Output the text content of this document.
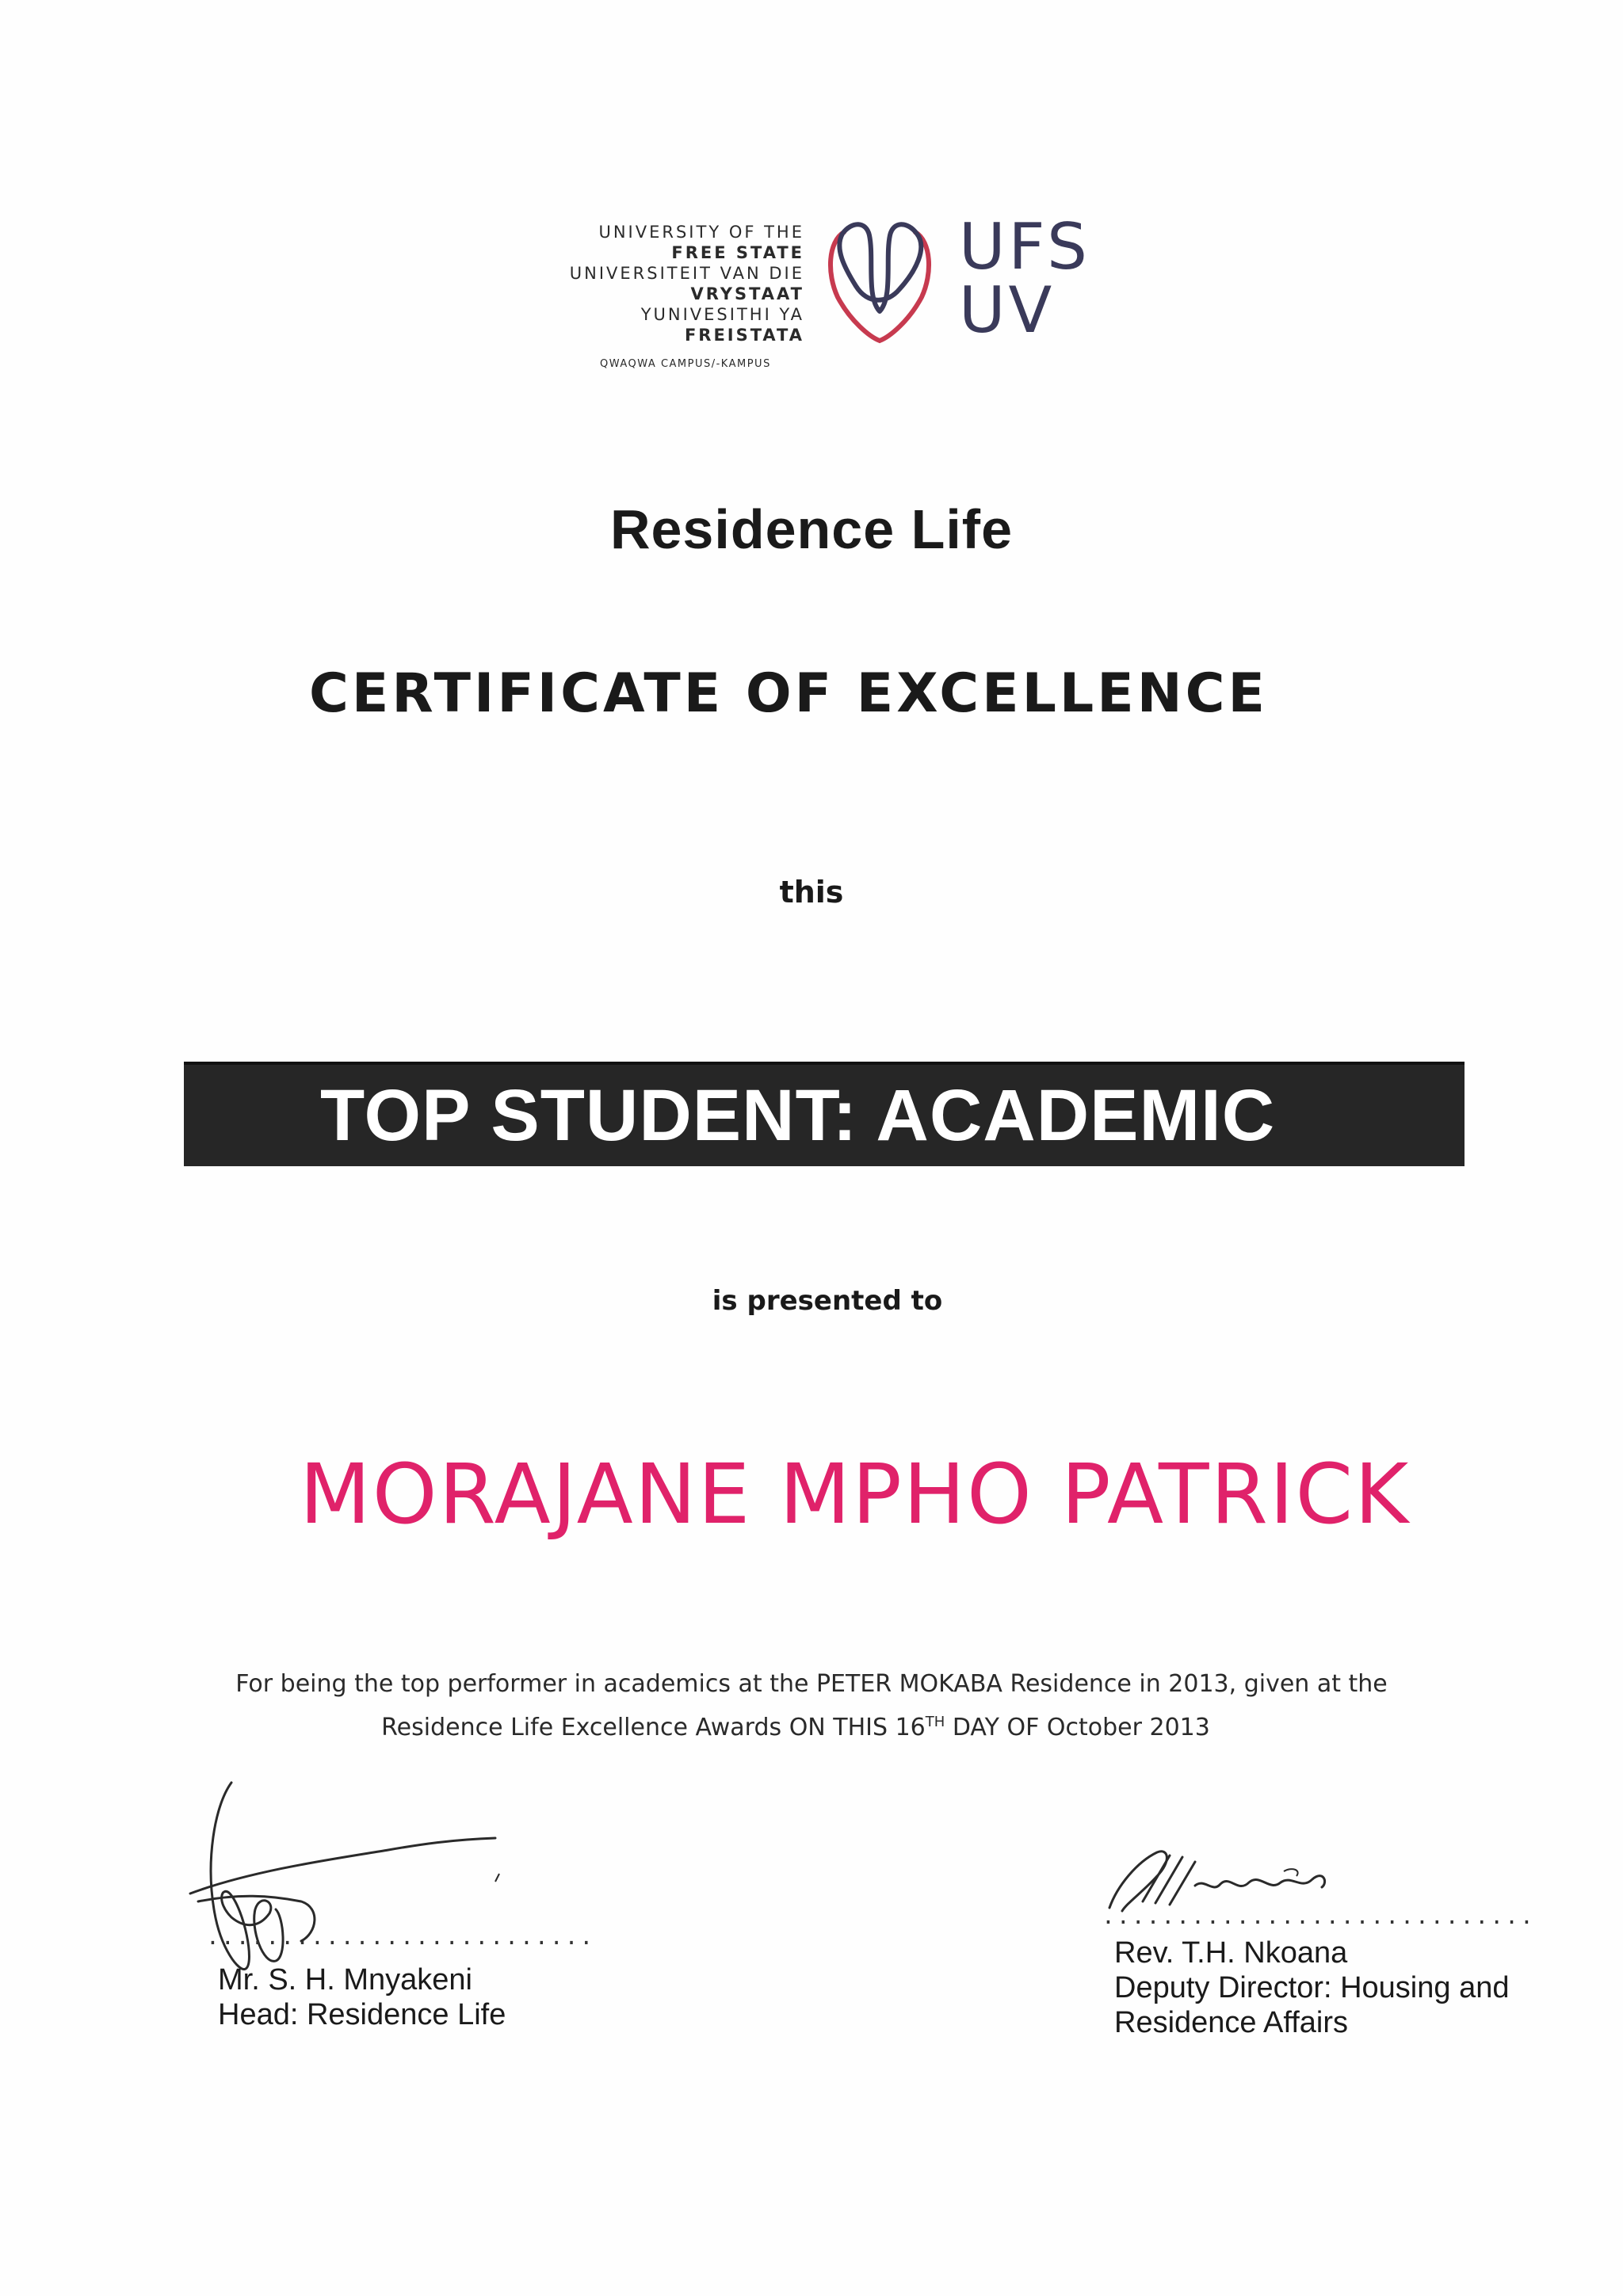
UNIVERSITY OF THE
FREE STATE
UNIVERSITEIT VAN DIE
VRYSTAAT
YUNIVESITHI YA
FREISTATA
QWAQWA CAMPUS/-KAMPUS
UFS
UV
Residence Life
CERTIFICATE OF EXCELLENCE
this
TOP STUDENT: ACADEMIC
is presented to
MORAJANE MPHO PATRICK
For being the top performer in academics at the PETER MOKABA Residence in 2013, given at the

Residence Life Excellence Awards ON THIS 16TH DAY OF October 2013
..........................
Mr. S. H. Mnyakeni
Head: Residence Life
.............................
Rev. T.H. Nkoana
Deputy Director: Housing and
Residence Affairs
